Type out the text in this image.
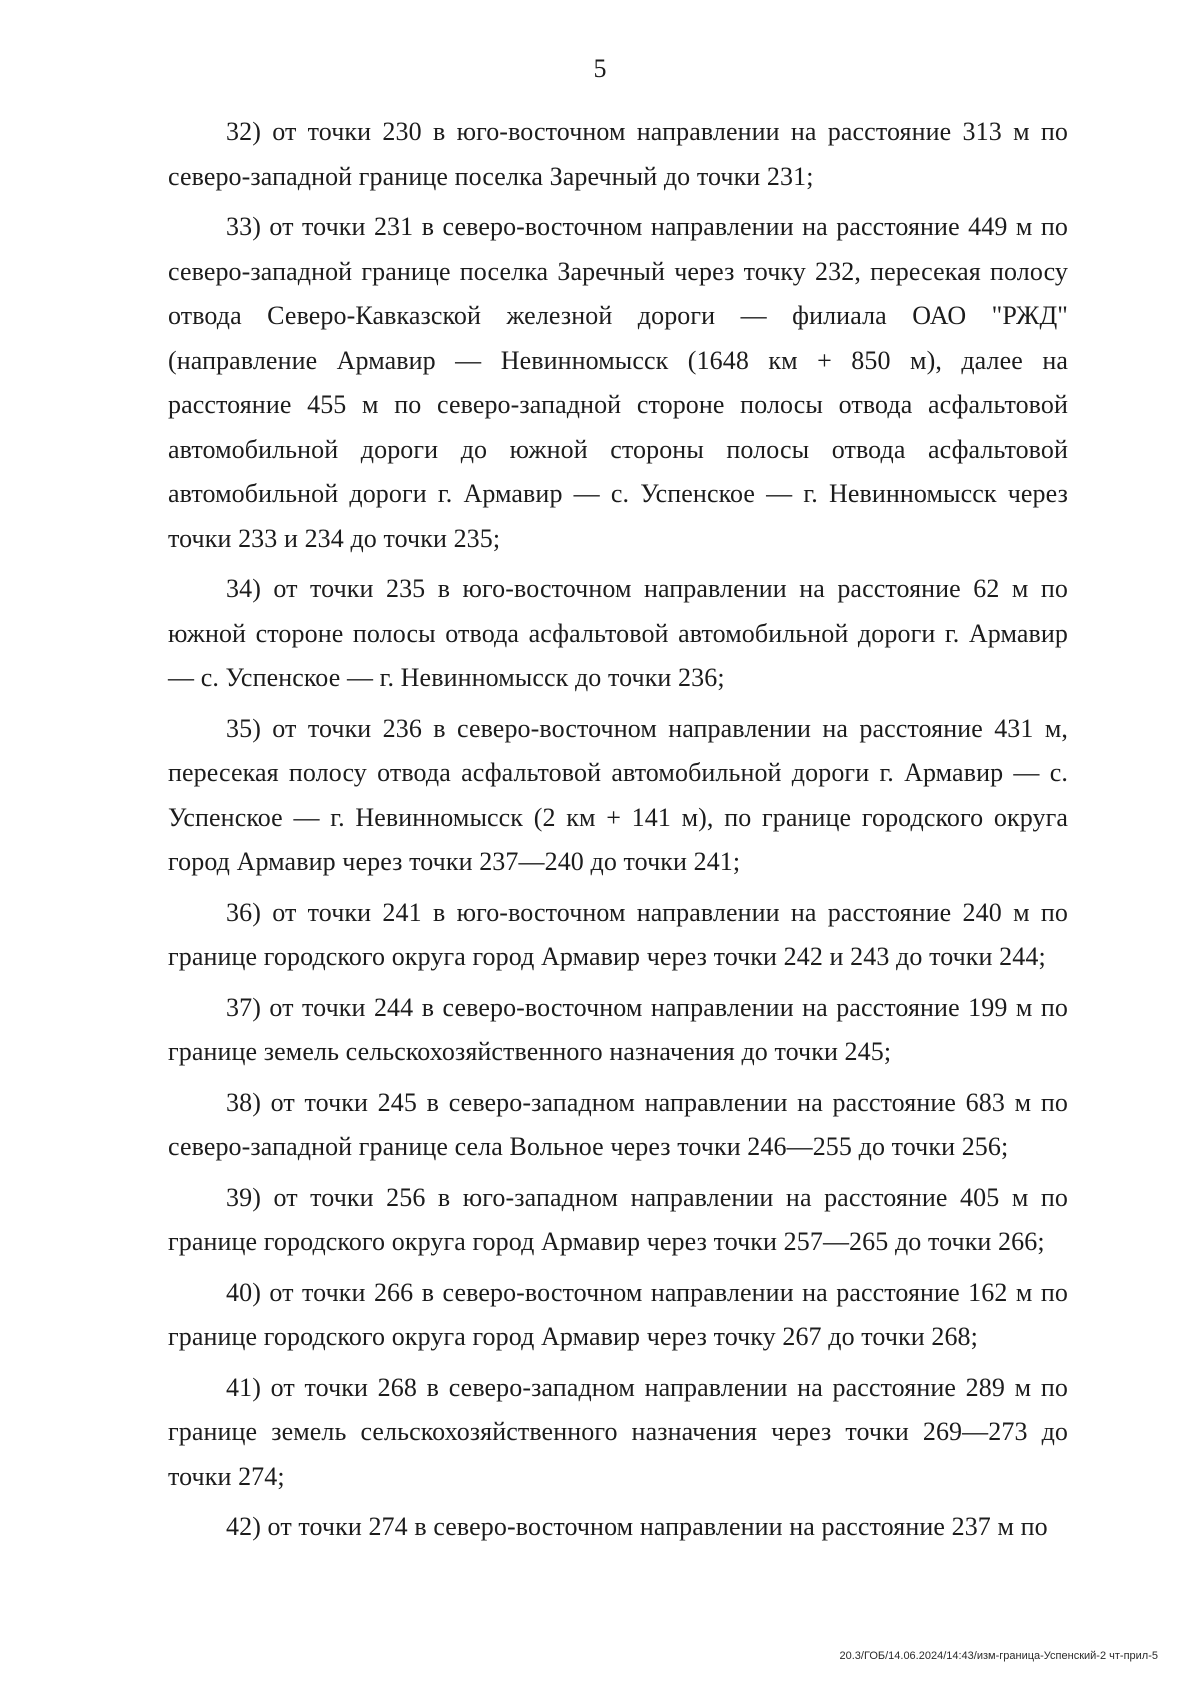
5

32) от точки 230 в юго-восточном направлении на расстояние 313 м по северо-западной границе поселка Заречный до точки 231;

33) от точки 231 в северо-восточном направлении на расстояние 449 м по северо-западной границе поселка Заречный через точку 232, пересекая полосу отвода Северо-Кавказской железной дороги — филиала ОАО "РЖД" (направление Армавир — Невинномысск (1648 км + 850 м), далее на расстояние 455 м по северо-западной стороне полосы отвода асфальтовой автомобильной дороги до южной стороны полосы отвода асфальтовой автомобильной дороги г. Армавир — с. Успенское — г. Невинномысск через точки 233 и 234 до точки 235;

34) от точки 235 в юго-восточном направлении на расстояние 62 м по южной стороне полосы отвода асфальтовой автомобильной дороги г. Армавир — с. Успенское — г. Невинномысск до точки 236;

35) от точки 236 в северо-восточном направлении на расстояние 431 м, пересекая полосу отвода асфальтовой автомобильной дороги г. Армавир — с. Успенское — г. Невинномысск (2 км + 141 м), по границе городского округа город Армавир через точки 237—240 до точки 241;

36) от точки 241 в юго-восточном направлении на расстояние 240 м по границе городского округа город Армавир через точки 242 и 243 до точки 244;

37) от точки 244 в северо-восточном направлении на расстояние 199 м по границе земель сельскохозяйственного назначения до точки 245;

38) от точки 245 в северо-западном направлении на расстояние 683 м по северо-западной границе села Вольное через точки 246—255 до точки 256;

39) от точки 256 в юго-западном направлении на расстояние 405 м по границе городского округа город Армавир через точки 257—265 до точки 266;

40) от точки 266 в северо-восточном направлении на расстояние 162 м по границе городского округа город Армавир через точку 267 до точки 268;

41) от точки 268 в северо-западном направлении на расстояние 289 м по границе земель сельскохозяйственного назначения через точки 269—273 до точки 274;

42) от точки 274 в северо-восточном направлении на расстояние 237 м по

20.3/ГОБ/14.06.2024/14:43/изм-граница-Успенский-2 чт-прил-5
